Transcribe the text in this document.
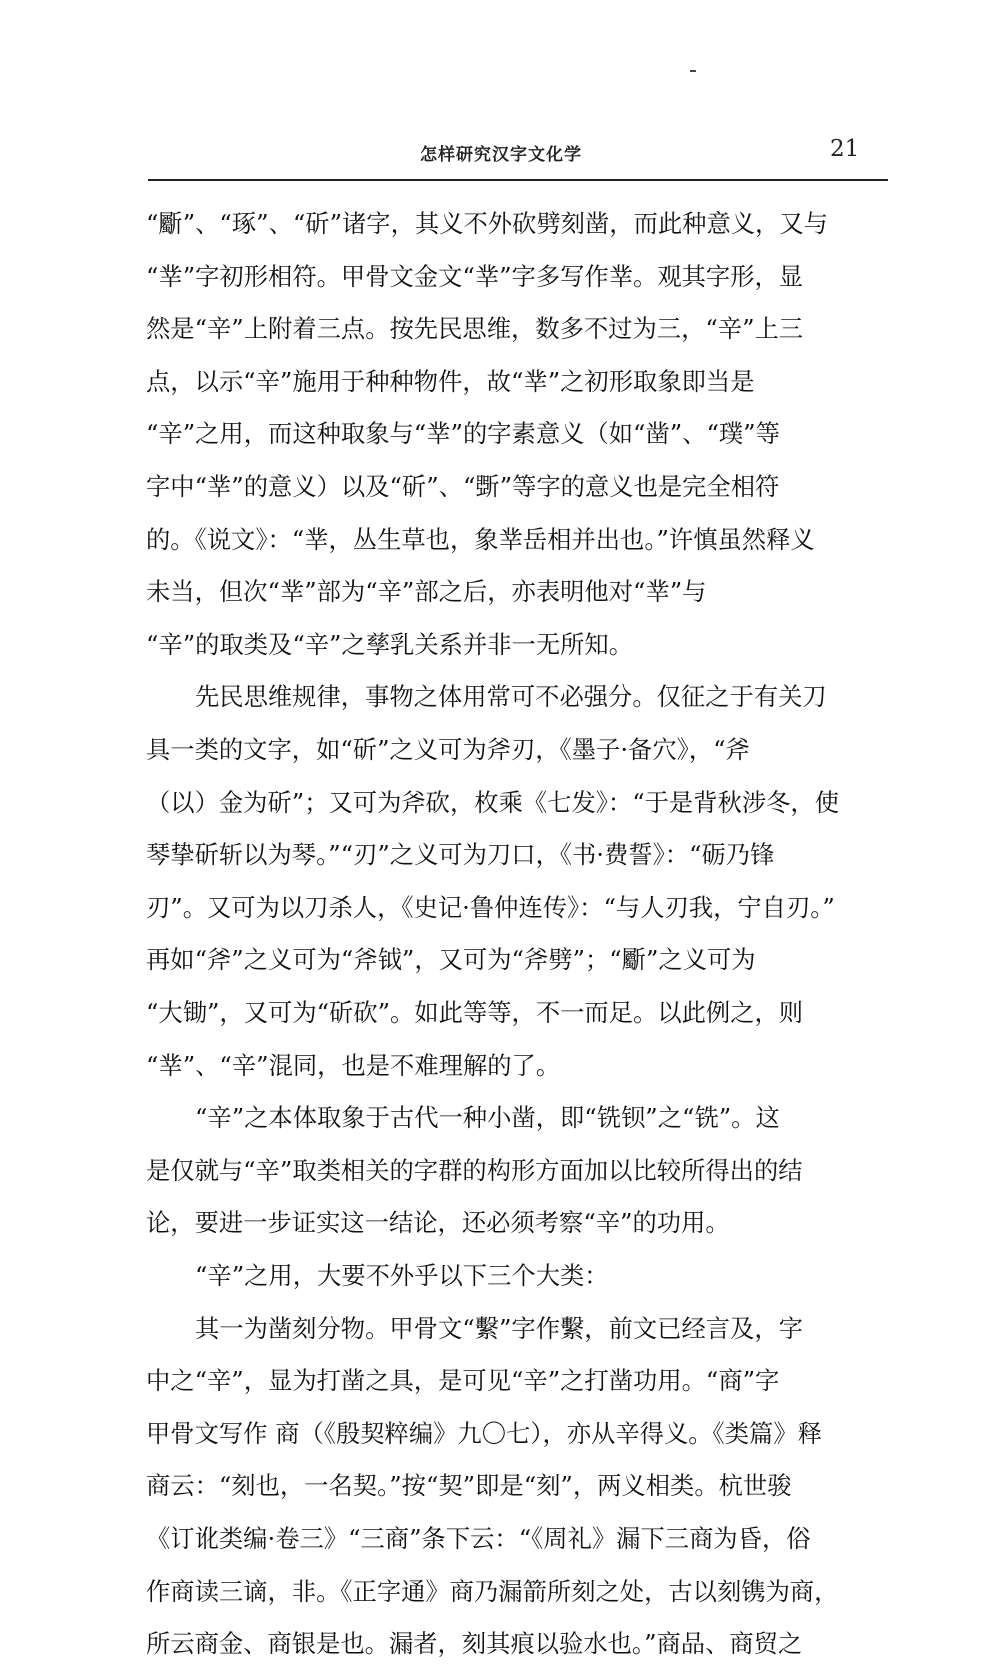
怎样研究汉字文化学	21
“斸”、“琢”、“斫”诸字，其义不外砍劈刻凿，而此种意义，又与
“丵”字初形相符。甲骨文金文“丵”字多写作丵。观其字形，显
然是“辛”上附着三点。按先民思维，数多不过为三，“辛”上三
点，以示“辛”施用于种种物件，故“丵”之初形取象即当是
“辛”之用，而这种取象与“丵”的字素意义（如“凿”、“璞”等
字中“丵”的意义）以及“斫”、“斲”等字的意义也是完全相符
的。《说文》：“丵，丛生草也，象丵岳相并出也。”许慎虽然释义
未当，但次“丵”部为“辛”部之后，亦表明他对“丵”与
“辛”的取类及“辛”之孳乳关系并非一无所知。
先民思维规律，事物之体用常可不必强分。仅征之于有关刀
具一类的文字，如“斫”之义可为斧刃，《墨子·备穴》，“斧
（以）金为斫”；又可为斧砍，枚乘《七发》：“于是背秋涉冬，使
琴挚斫斩以为琴。”“刃”之义可为刀口，《书·费誓》：“砺乃锋
刃”。又可为以刀杀人，《史记·鲁仲连传》：“与人刃我，宁自刃。”
再如“斧”之义可为“斧钺”，又可为“斧劈”；“斸”之义可为
“大锄”，又可为“斫砍”。如此等等，不一而足。以此例之，则
“丵”、“辛”混同，也是不难理解的了。
“辛”之本体取象于古代一种小凿，即“铣钡”之“铣”。这
是仅就与“辛”取类相关的字群的构形方面加以比较所得出的结
论，要进一步证实这一结论，还必须考察“辛”的功用。
“辛”之用，大要不外乎以下三个大类：
其一为凿刻分物。甲骨文“繫”字作繫，前文已经言及，字
中之“辛”，显为打凿之具，是可见“辛”之打凿功用。“商”字
甲骨文写作 商（《殷契粹编》九〇七），亦从辛得义。《类篇》释
商云：“刻也，一名契。”按“契”即是“刻”，两义相类。杭世骏
《订讹类编·卷三》“三商”条下云：“《周礼》漏下三商为昏，俗
作商读三谪，非。《正字通》商乃漏箭所刻之处，古以刻镌为商，
所云商金、商银是也。漏者，刻其痕以验水也。”商品、商贸之
